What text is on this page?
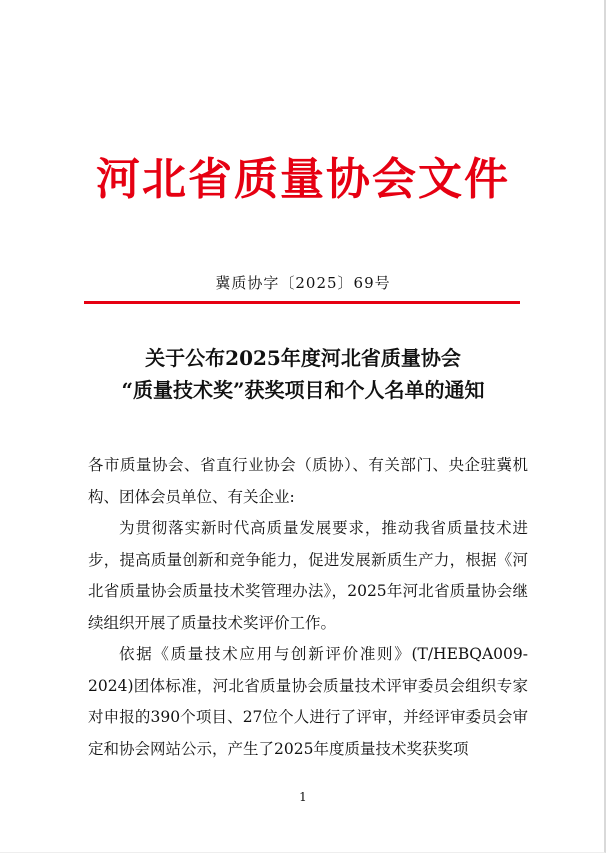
河北省质量协会文件
冀质协字〔2025〕69号
关于公布2025年度河北省质量协会
“质量技术奖”获奖项目和个人名单的通知

各市质量协会、省直行业协会（质协）、有关部门、央企驻冀机构、团体会员单位、有关企业:

为贯彻落实新时代高质量发展要求，推动我省质量技术进步，提高质量创新和竞争能力，促进发展新质生产力，根据《河北省质量协会质量技术奖管理办法》，2025年河北省质量协会继续组织开展了质量技术奖评价工作。

依据《质量技术应用与创新评价准则》(T/HEBQA009-2024)团体标准，河北省质量协会质量技术评审委员会组织专家对申报的390个项目、27位个人进行了评审，并经评审委员会审定和协会网站公示，产生了2025年度质量技术奖获奖项

1
